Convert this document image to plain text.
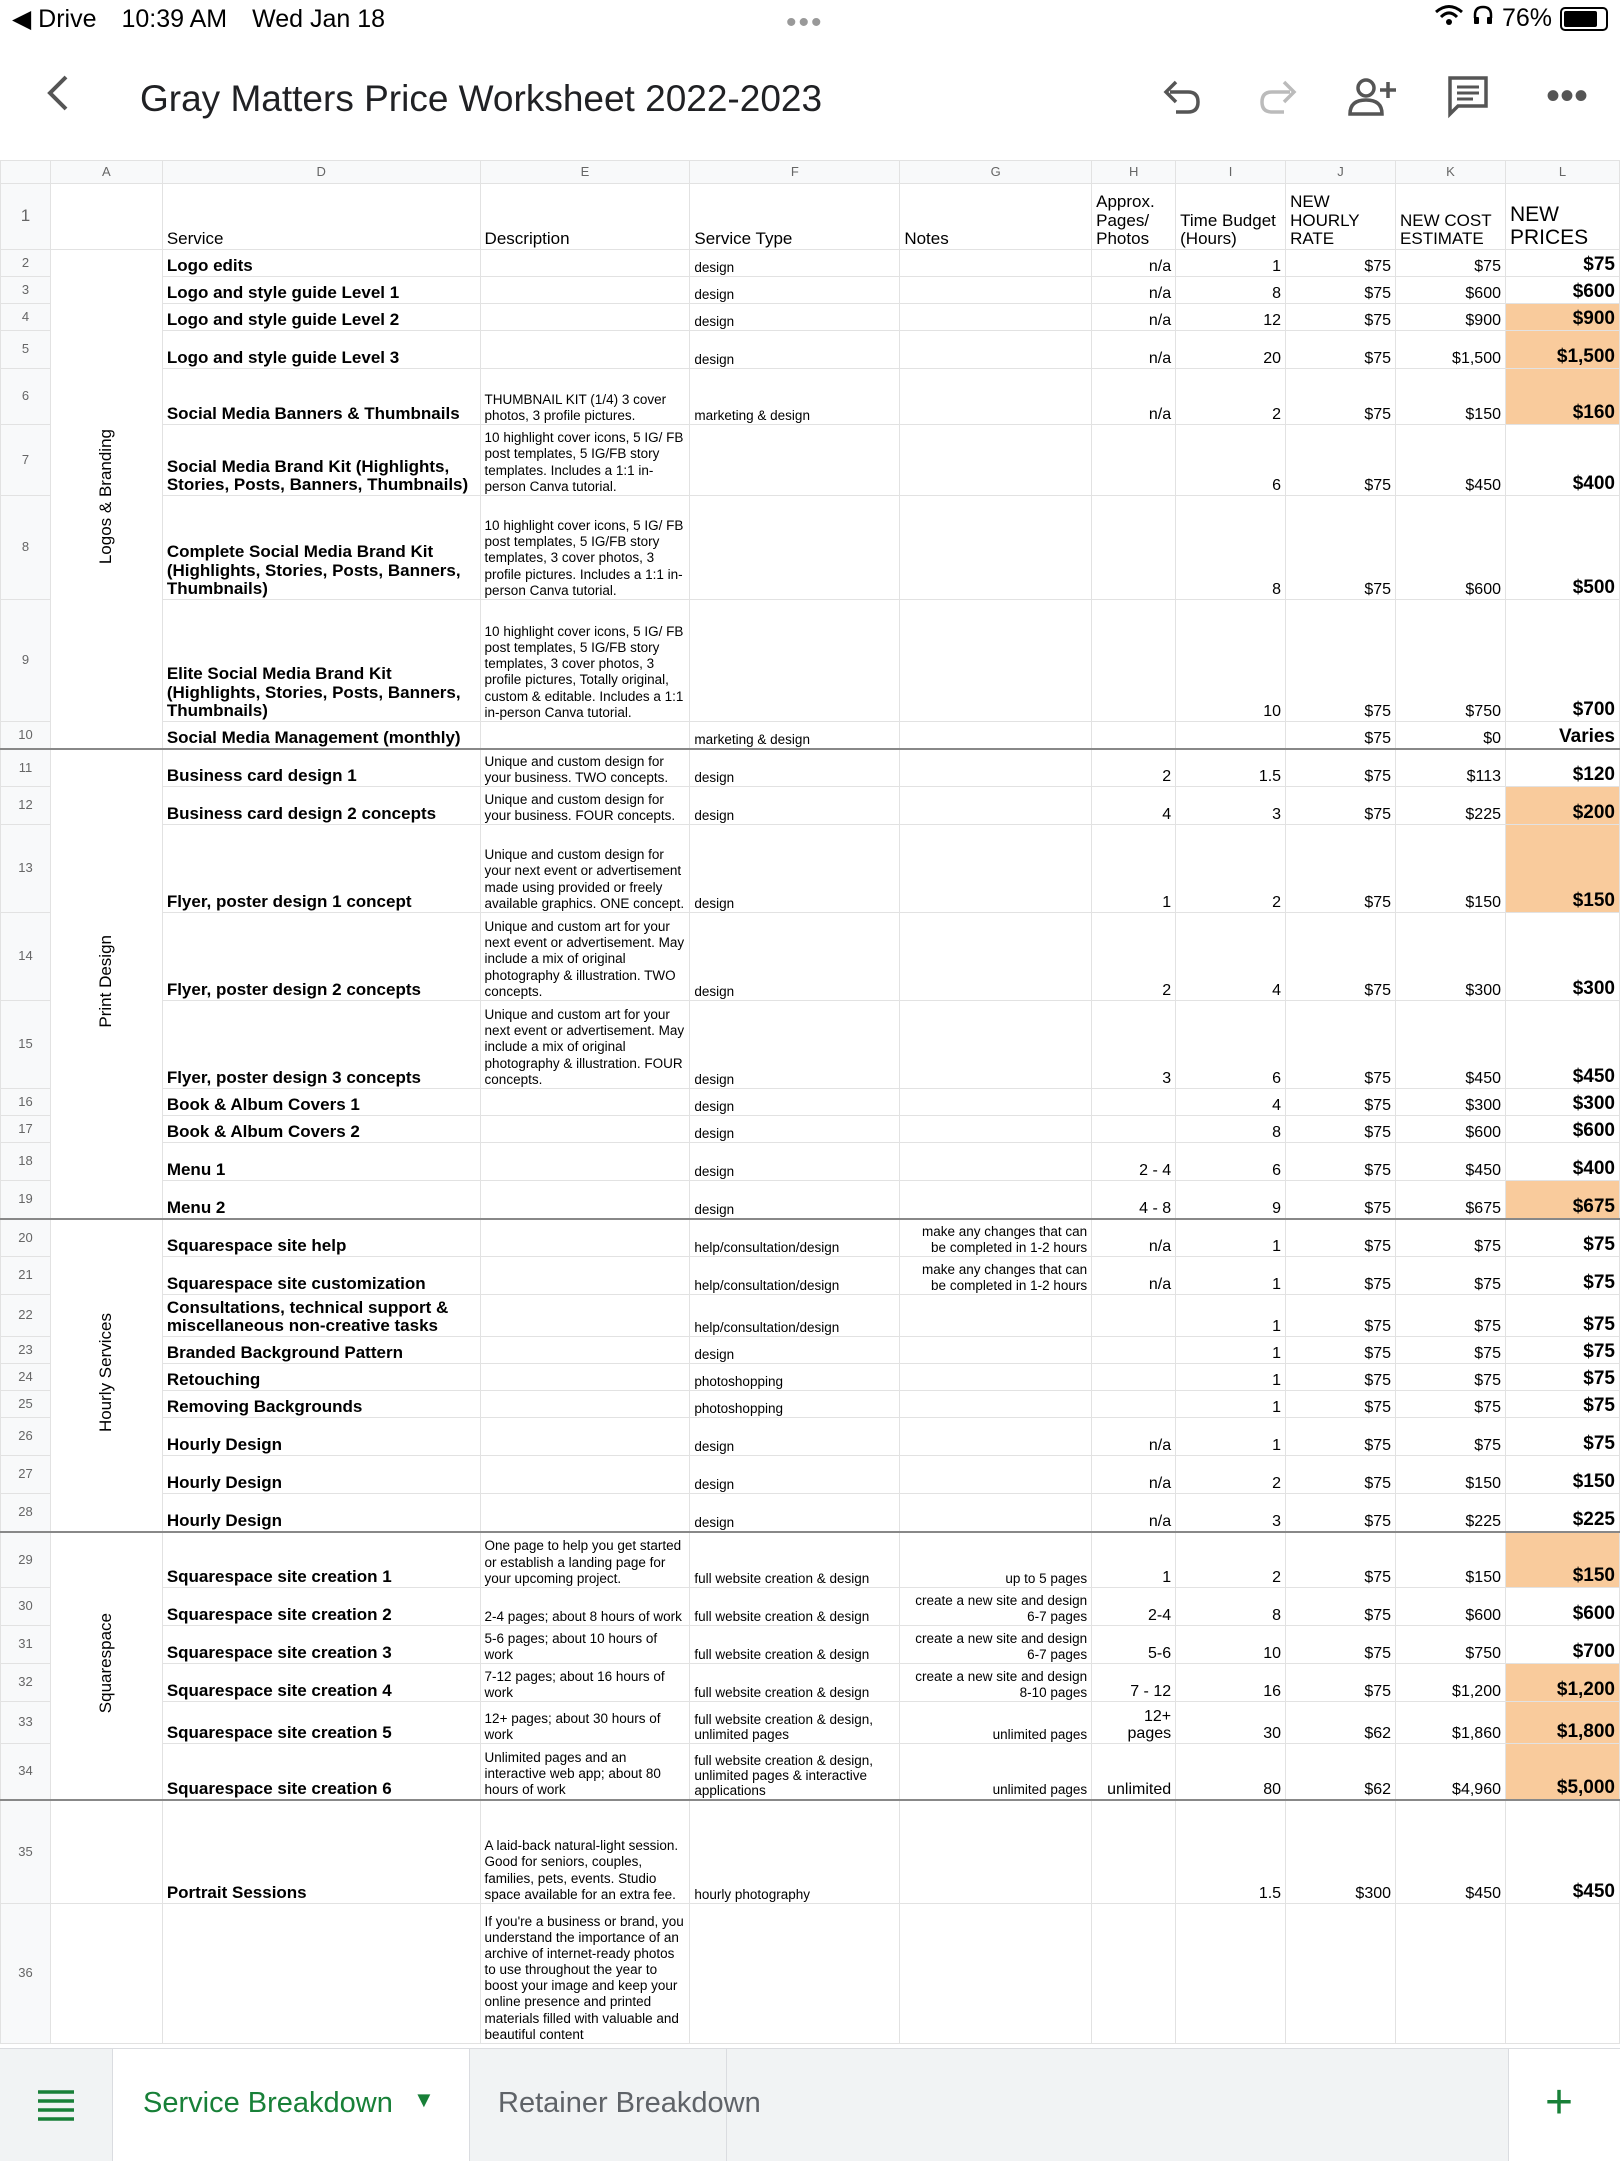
◀ Drive 10:39 AM Wed Jan 18	•••	76%
Gray Matters Price Worksheet 2022-2023	•••
	A	D	E	F	G	H	I	J	K	L
1		Service	Description	Service Type	Notes	Approx. Pages/ Photos	Time Budget (Hours)	NEW HOURLY RATE	NEW COST ESTIMATE	NEW PRICES
2	Logos & Branding	Logo edits		design		n/a	1	$75	$75	$75
3		Logo and style guide Level 1		design		n/a	8	$75	$600	$600
4		Logo and style guide Level 2		design		n/a	12	$75	$900	$900
5		Logo and style guide Level 3		design		n/a	20	$75	$1,500	$1,500
6		Social Media Banners & Thumbnails	THUMBNAIL KIT (1/4) 3 cover photos, 3 profile pictures.	marketing & design		n/a	2	$75	$150	$160
7		Social Media Brand Kit (Highlights, Stories, Posts, Banners, Thumbnails)	10 highlight cover icons, 5 IG/ FB post templates, 5 IG/FB story templates. Includes a 1:1 in-person Canva tutorial.				6	$75	$450	$400
8		Complete Social Media Brand Kit (Highlights, Stories, Posts, Banners, Thumbnails)	10 highlight cover icons, 5 IG/ FB post templates, 5 IG/FB story templates, 3 cover photos, 3 profile pictures. Includes a 1:1 in-person Canva tutorial.				8	$75	$600	$500
9		Elite Social Media Brand Kit (Highlights, Stories, Posts, Banners, Thumbnails)	10 highlight cover icons, 5 IG/ FB post templates, 5 IG/FB story templates, 3 cover photos, 3 profile pictures, Totally original, custom & editable. Includes a 1:1 in-person Canva tutorial.				10	$75	$750	$700
10		Social Media Management (monthly)		marketing & design				$75	$0	Varies
11	Print Design	Business card design 1	Unique and custom design for your business. TWO concepts.	design		2	1.5	$75	$113	$120
12		Business card design 2 concepts	Unique and custom design for your business. FOUR concepts.	design		4	3	$75	$225	$200
13		Flyer, poster design 1 concept	Unique and custom design for your next event or advertisement made using provided or freely available graphics. ONE concept.	design		1	2	$75	$150	$150
14		Flyer, poster design 2 concepts	Unique and custom art for your next event or advertisement. May include a mix of original photography & illustration. TWO concepts.	design		2	4	$75	$300	$300
15		Flyer, poster design 3 concepts	Unique and custom art for your next event or advertisement. May include a mix of original photography & illustration. FOUR concepts.	design		3	6	$75	$450	$450
16		Book & Album Covers 1		design			4	$75	$300	$300
17		Book & Album Covers 2		design			8	$75	$600	$600
18		Menu 1		design		2 - 4	6	$75	$450	$400
19		Menu 2		design		4 - 8	9	$75	$675	$675
20	Hourly Services	Squarespace site help		help/consultation/design	make any changes that can be completed in 1-2 hours	n/a	1	$75	$75	$75
21		Squarespace site customization		help/consultation/design	make any changes that can be completed in 1-2 hours	n/a	1	$75	$75	$75
22		Consultations, technical support & miscellaneous non-creative tasks		help/consultation/design			1	$75	$75	$75
23		Branded Background Pattern		design			1	$75	$75	$75
24		Retouching		photoshopping			1	$75	$75	$75
25		Removing Backgrounds		photoshopping			1	$75	$75	$75
26		Hourly Design		design		n/a	1	$75	$75	$75
27		Hourly Design		design		n/a	2	$75	$150	$150
28		Hourly Design		design		n/a	3	$75	$225	$225
29	Squarespace	Squarespace site creation 1	One page to help you get started or establish a landing page for your upcoming project.	full website creation & design	up to 5 pages	1	2	$75	$150	$150
30		Squarespace site creation 2	2-4 pages; about 8 hours of work	full website creation & design	create a new site and design 6-7 pages	2-4	8	$75	$600	$600
31		Squarespace site creation 3	5-6 pages; about 10 hours of work	full website creation & design	create a new site and design 6-7 pages	5-6	10	$75	$750	$700
32		Squarespace site creation 4	7-12 pages; about 16 hours of work	full website creation & design	create a new site and design 8-10 pages	7 - 12	16	$75	$1,200	$1,200
33		Squarespace site creation 5	12+ pages; about 30 hours of work	full website creation & design, unlimited pages	unlimited pages	12+ pages	30	$62	$1,860	$1,800
34		Squarespace site creation 6	Unlimited pages and an interactive web app; about 80 hours of work	full website creation & design, unlimited pages & interactive applications	unlimited pages	unlimited	80	$62	$4,960	$5,000
35		Portrait Sessions	A laid-back natural-light session. Good for seniors, couples, families, pets, events. Studio space available for an extra fee.	hourly photography			1.5	$300	$450	$450
36			If you're a business or brand, you understand the importance of an archive of internet-ready photos to use throughout the year to boost your image and keep your online presence and printed materials filled with valuable and beautiful content							
Service Breakdown ▼ Retainer Breakdown	+
